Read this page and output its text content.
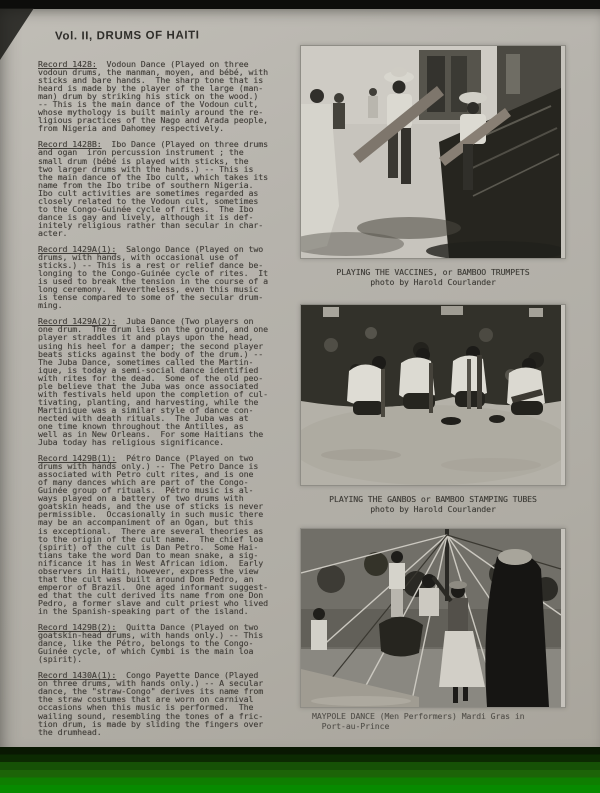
Vol. II, DRUMS OF HAITI

Record 1428:  Vodoun Dance (Played on three
vodoun drums, the manman, moyen, and bébé, with
sticks and bare hands.  The sharp tone that is
heard is made by the player of the large (man-
man) drum by striking his stick on the wood.)
-- This is the main dance of the Vodoun cult,
whose mythology is built mainly around the re-
ligious practices of the Nago and Arada people,
from Nigeria and Dahomey respectively.

Record 1428B:  Ibo Dance (Played on three drums
and ogan  iron percussion instrument ; the
small drum (bébé is played with sticks, the
two larger drums with the hands.) -- This is
the main dance of the Ibo cult, which takes its
name from the Ibo tribe of southern Nigeria.
Ibo cult activities are sometimes regarded as
closely related to the Vodoun cult, sometimes
to the Congo-Guinée cycle of rites.  The Ibo
dance is gay and lively, although it is def-
initely religious rather than secular in char-
acter.

Record 1429A(1):  Salongo Dance (Played on two
drums, with hands, with occasional use of
sticks.) -- This is a rest or relief dance be-
longing to the Congo-Guinée cycle of rites.  It
is used to break the tension in the course of a
long ceremony.  Nevertheless, even this music
is tense compared to some of the secular drum-
ming.

Record 1429A(2):  Juba Dance (Two players on
one drum.  The drum lies on the ground, and one
player straddles it and plays upon the head,
using his heel for a damper; the second player
beats sticks against the body of the drum.) --
The Juba Dance, sometimes called the Martin-
ique, is today a semi-social dance identified
with rites for the dead.  Some of the old peo-
ple believe that the Juba was once associated
with festivals held upon the completion of cul-
tivating, planting, and harvesting, while the
Martinique was a similar style of dance con-
nected with death rituals.  The Juba was at
one time known throughout the Antilles, as
well as in New Orleans.  For some Haitians the
Juba today has religious significance.

Record 1429B(1):  Pétro Dance (Played on two
drums with hands only.) -- The Petro Dance is
associated with Petro cult rites, and is one
of many dances which are part of the Congo-
Guinée group of rituals.  Pétro music is al-
ways played on a battery of two drums with
goatskin heads, and the use of sticks is never
permissible.  Occasionally in such music there
may be an accompaniment of an Ogan, but this
is exceptional.  There are several theories as
to the origin of the cult name.  The chief loa
(spirit) of the cult is Dan Petro.  Some Hai-
tians take the word Dan to mean snake, a sig-
nificance it has in West African idiom.  Early
observers in Haiti, however, express the view
that the cult was built around Dom Pedro, an
emperor of Brazil.  One aged informant suggest-
ed that the cult derived its name from one Don
Pedro, a former slave and cult priest who lived
in the Spanish-speaking part of the island.

Record 1429B(2):  Quitta Dance (Played on two
goatskin-head drums, with hands only.) -- This
dance, like the Pétro, belongs to the Congo-
Guinée cycle, of which Cymbi is the main loa
(spirit).

Record 1430A(1):  Congo Payette Dance (Played
on three drums, with hands only.) -- A secular
dance, the "straw-Congo" derives its name from
the straw costumes that are worn on carnival
occasions when this music is performed.  The
wailing sound, resembling the tones of a fric-
tion drum, is made by sliding the fingers over
the drumhead.

PLAYING THE VACCINES, or BAMBOO TRUMPETS
photo by Harold Courlander
PLAYING THE GANBOS or BAMBOO STAMPING TUBES
photo by Harold Courlander
MAYPOLE DANCE (Men Performers) Mardi Gras in
Port-au-Prince
